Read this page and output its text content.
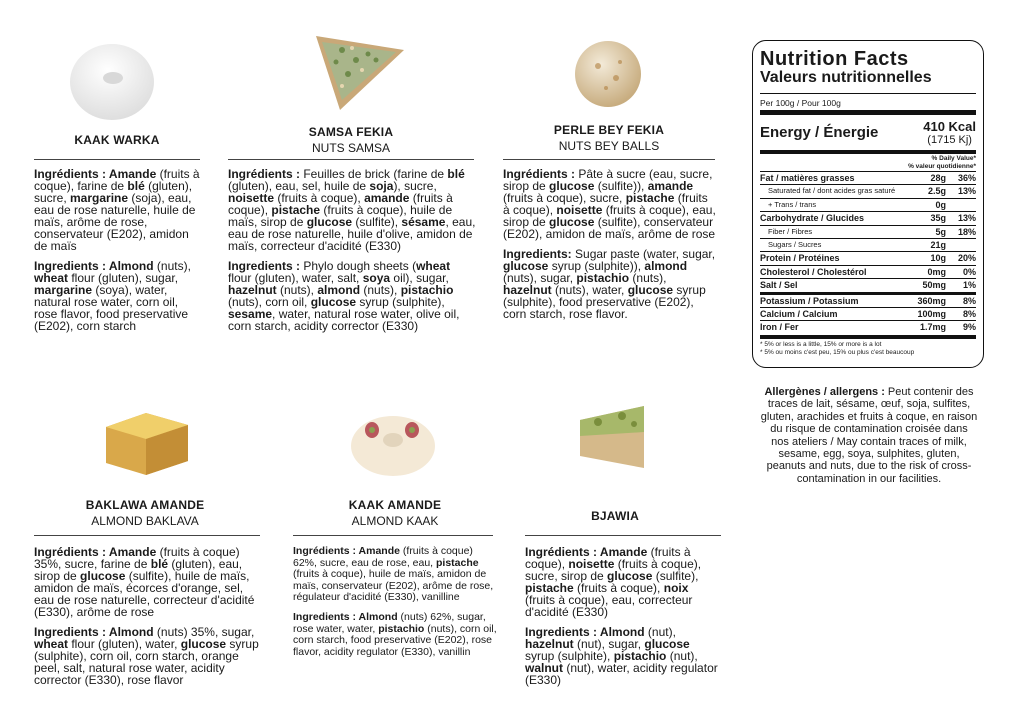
KAAK WARKA

Ingrédients : Amande (fruits à coque), farine de blé (gluten), sucre, margarine (soja), eau, eau de rose naturelle, huile de maïs, arôme de rose, conservateur (E202), amidon de maïs

Ingredients : Almond (nuts), wheat flour (gluten), sugar, margarine (soya), water, natural rose water, corn oil, rose flavor, food preservative (E202), corn starch

SAMSA FEKIA
NUTS SAMSA

Ingrédients : Feuilles de brick (farine de blé (gluten), eau, sel, huile de soja), sucre, noisette (fruits à coque), amande (fruits à coque), pistache (fruits à coque), huile de maïs, sirop de glucose (sulfite), sésame, eau, eau de rose naturelle, huile d'olive, amidon de maïs, correcteur d'acidité (E330)

Ingredients : Phylo dough sheets (wheat flour (gluten), water, salt, soya oil), sugar, hazelnut (nuts), almond (nuts), pistachio (nuts), corn oil, glucose syrup (sulphite), sesame, water, natural rose water, olive oil, corn starch, acidity corrector (E330)

PERLE BEY FEKIA
NUTS BEY BALLS

Ingrédients : Pâte à sucre (eau, sucre, sirop de glucose (sulfite)), amande (fruits à coque), sucre, pistache (fruits à coque), noisette (fruits à coque), eau, sirop de glucose (sulfite), conservateur (E202), amidon de maïs, arôme de rose

Ingredients: Sugar paste (water, sugar, glucose syrup (sulphite)), almond (nuts), sugar, pistachio (nuts), hazelnut (nuts), water, glucose syrup (sulphite), food preservative (E202), corn starch, rose flavor.

BAKLAWA AMANDE
ALMOND BAKLAVA

Ingrédients : Amande (fruits à coque) 35%, sucre, farine de blé (gluten), eau, sirop de glucose (sulfite), huile de maïs, amidon de maïs, écorces d'orange, sel, eau de rose naturelle, correcteur d'acidité (E330), arôme de rose

Ingredients : Almond (nuts) 35%, sugar, wheat flour (gluten), water, glucose syrup (sulphite), corn oil, corn starch, orange peel, salt, natural rose water, acidity corrector (E330), rose flavor

KAAK AMANDE
ALMOND KAAK

Ingrédients : Amande (fruits à coque) 62%, sucre, eau de rose, eau, pistache (fruits à coque), huile de maïs, amidon de maïs, conservateur (E202), arôme de rose, régulateur d'acidité (E330), vanilline

Ingredients : Almond (nuts) 62%, sugar, rose water, water, pistachio (nuts), corn oil, corn starch, food preservative (E202), rose flavor, acidity regulator (E330), vanillin

BJAWIA

Ingrédients : Amande (fruits à coque), noisette (fruits à coque), sucre, sirop de glucose (sulfite), pistache (fruits à coque), noix (fruits à coque), eau, correcteur d'acidité (E330)

Ingredients : Almond (nut), hazelnut (nut), sugar, glucose syrup (sulphite), pistachio (nut), walnut (nut), water, acidity regulator (E330)

Nutrition Facts
Valeurs nutritionnelles
Per 100g / Pour 100g
Energy / Énergie	410 Kcal
(1715 Kj)
% Daily Value*
% valeur quotidienne*
Fat / matières grasses	28g	36%
Saturated fat / dont acides gras saturé	2.5g	13%
+ Trans / trans	0g
Carbohydrate / Glucides	35g	13%
Fiber / Fibres	5g	18%
Sugars / Sucres	21g
Protein / Protéines	10g	20%
Cholesterol / Cholestérol	0mg	0%
Salt / Sel	50mg	1%
Potassium / Potassium	360mg	8%
Calcium / Calcium	100mg	8%
Iron / Fer	1.7mg	9%
* 5% or less is a little, 15% or more is a lot
* 5% ou moins c'est peu, 15% ou plus c'est beaucoup
Allergènes / allergens : Peut contenir des traces de lait, sésame, œuf, soja, sulfites, gluten, arachides et fruits à coque, en raison du risque de contamination croisée dans nos ateliers / May contain traces of milk, sesame, egg, soya, sulphites, gluten, peanuts and nuts, due to the risk of cross-contamination in our facilities.
